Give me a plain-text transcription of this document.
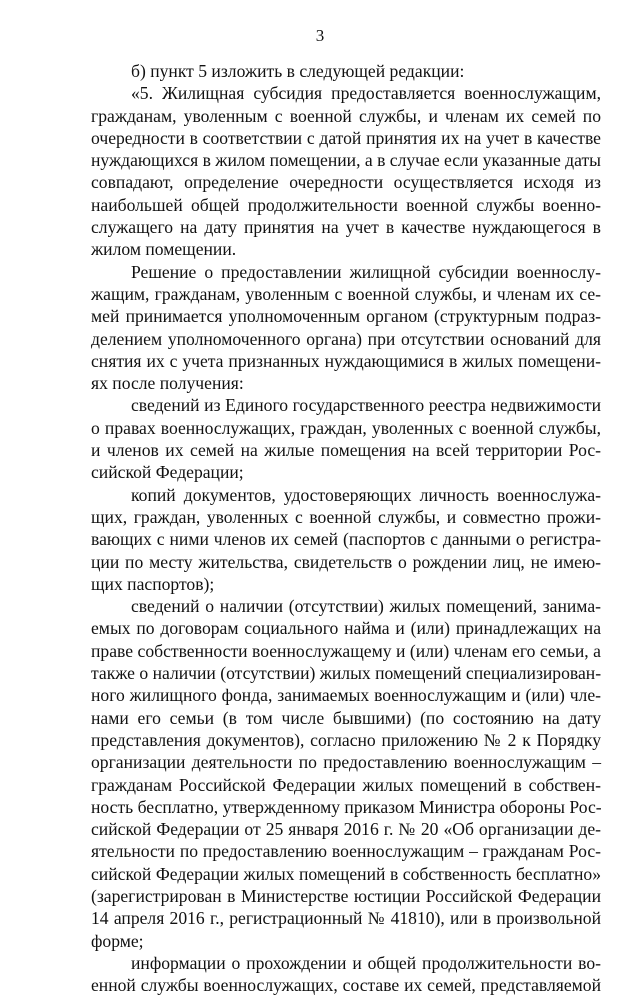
3
б) пункт 5 изложить в следующей редакции:
«5. Жилищная субсидия предоставляется военнослужащим,
гражданам, уволенным с военной службы, и членам их семей по
очередности в соответствии с датой принятия их на учет в качестве
нуждающихся в жилом помещении, а в случае если указанные даты
совпадают, определение очередности осуществляется исходя из
наибольшей общей продолжительности военной службы военно-
служащего на дату принятия на учет в качестве нуждающегося в
жилом помещении.
Решение о предоставлении жилищной субсидии военнослу-
жащим, гражданам, уволенным с военной службы, и членам их се-
мей принимается уполномоченным органом (структурным подраз-
делением уполномоченного органа) при отсутствии оснований для
снятия их с учета признанных нуждающимися в жилых помещени-
ях после получения:
сведений из Единого государственного реестра недвижимости
о правах военнослужащих, граждан, уволенных с военной службы,
и членов их семей на жилые помещения на всей территории Рос-
сийской Федерации;
копий документов, удостоверяющих личность военнослужа-
щих, граждан, уволенных с военной службы, и совместно прожи-
вающих с ними членов их семей (паспортов с данными о регистра-
ции по месту жительства, свидетельств о рождении лиц, не имею-
щих паспортов);
сведений о наличии (отсутствии) жилых помещений, занима-
емых по договорам социального найма и (или) принадлежащих на
праве собственности военнослужащему и (или) членам его семьи, а
также о наличии (отсутствии) жилых помещений специализирован-
ного жилищного фонда, занимаемых военнослужащим и (или) чле-
нами его семьи (в том числе бывшими) (по состоянию на дату
представления документов), согласно приложению № 2 к Порядку
организации деятельности по предоставлению военнослужащим –
гражданам Российской Федерации жилых помещений в собствен-
ность бесплатно, утвержденному приказом Министра обороны Рос-
сийской Федерации от 25 января 2016 г. № 20 «Об организации де-
ятельности по предоставлению военнослужащим – гражданам Рос-
сийской Федерации жилых помещений в собственность бесплатно»
(зарегистрирован в Министерстве юстиции Российской Федерации
14 апреля 2016 г., регистрационный № 41810), или в произвольной
форме;
информации о прохождении и общей продолжительности во-
енной службы военнослужащих, составе их семей, представляемой
